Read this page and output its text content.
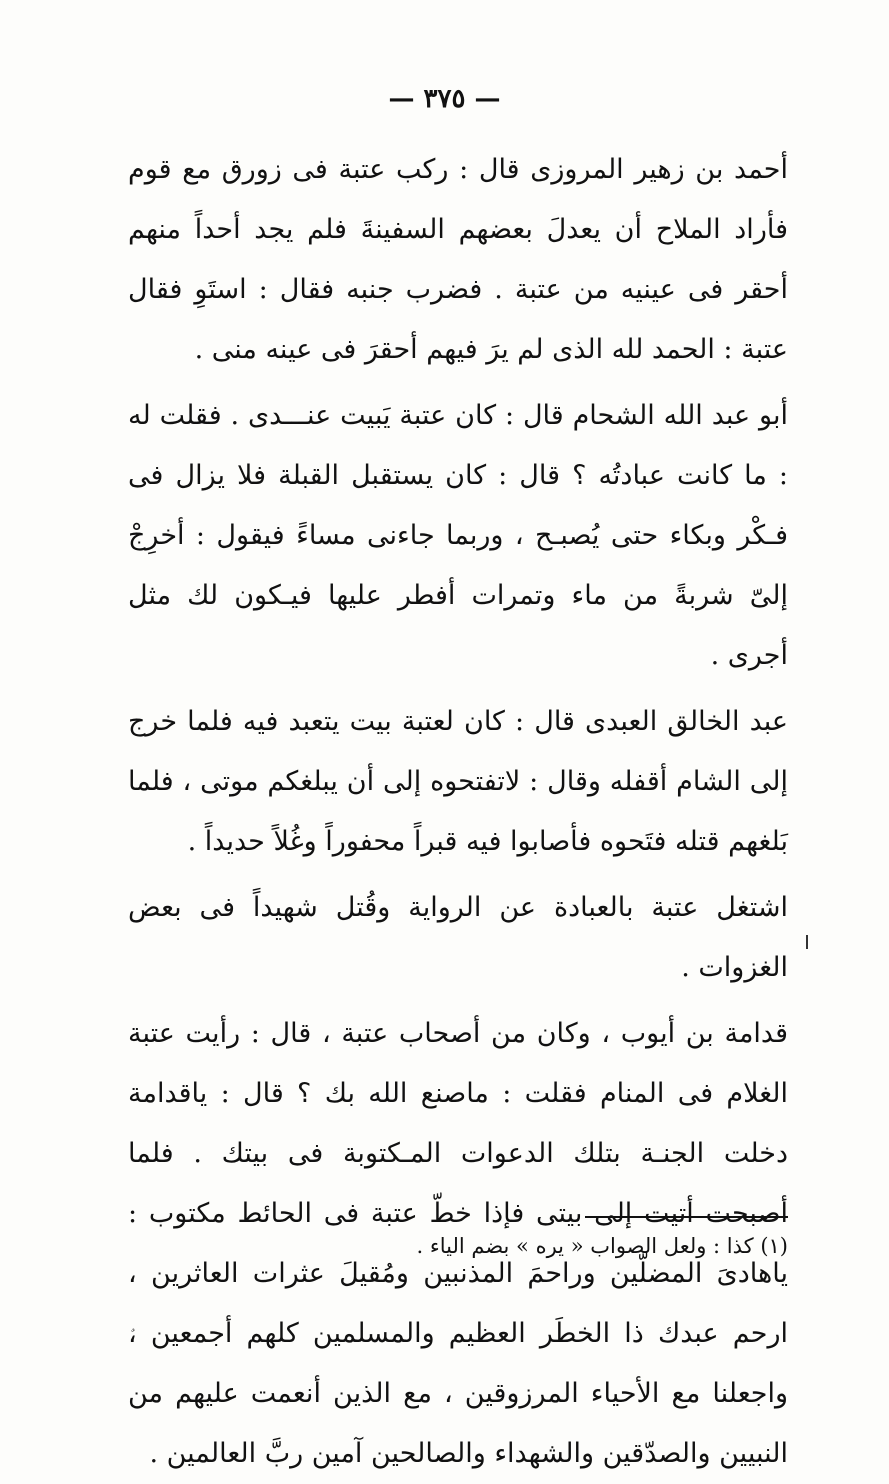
— ٣٧٥ —

أحمد بن زهير المروزى قال : ركب عتبة فى زورق مع قوم فأراد الملاح أن يعدلَ بعضهم السفينةَ فلم يجد أحداً منهم أحقر فى عينيه من عتبة . فضرب جنبه فقال : استَوِ فقال عتبة : الحمد لله الذى لم يرَ فيهم أحقرَ فى عينه منى .

أبو عبد الله الشحام قال : كان عتبة يَبيت عنـــدى . فقلت له : ما كانت عبادتُه ؟ قال : كان يستقبل القبلة فلا يزال فى فـكْر وبكاء حتى يُصبـح ، وربما جاءنى مساءً فيقول : أخرِجْ إلىّ شربةً من ماء وتمرات أفطر عليها فيـكون لك مثل أجرى .

عبد الخالق العبدى قال : كان لعتبة بيت يتعبد فيه فلما خرج إلى الشام أقفله وقال : لاتفتحوه إلى أن يبلغكم موتى ، فلما بَلغهم قتله فتَحوه فأصابوا فيه قبراً محفوراً وغُلاً حديداً .

اشتغل عتبة بالعبادة عن الرواية وقُتل شهيداً فى بعض الغزوات .

قدامة بن أيوب ، وكان من أصحاب عتبة ، قال : رأيت عتبة الغلام فى المنام فقلت : ماصنع الله بك ؟ قال : ياقدامة دخلت الجنـة بتلك الدعوات المـكتوبة فى بيتك . فلما أصبحت أتيت إلى بيتى فإذا خطّ عتبة فى الحائط مكتوب : ياهادىَ المضلّين وراحمَ المذنبين ومُقيلَ عثرات العاثرين ، ارحم عبدك ذا الخطَر العظيم والمسلمين كلهم أجمعين ، واجعلنا مع الأحياء المرزوقين ، مع الذين أنعمت عليهم من النبيين والصدّقين والشهداء والصالحين آمين ربَّ العالمين .

(١) كذا : ولعل الصواب « يره » بضم الياء .
